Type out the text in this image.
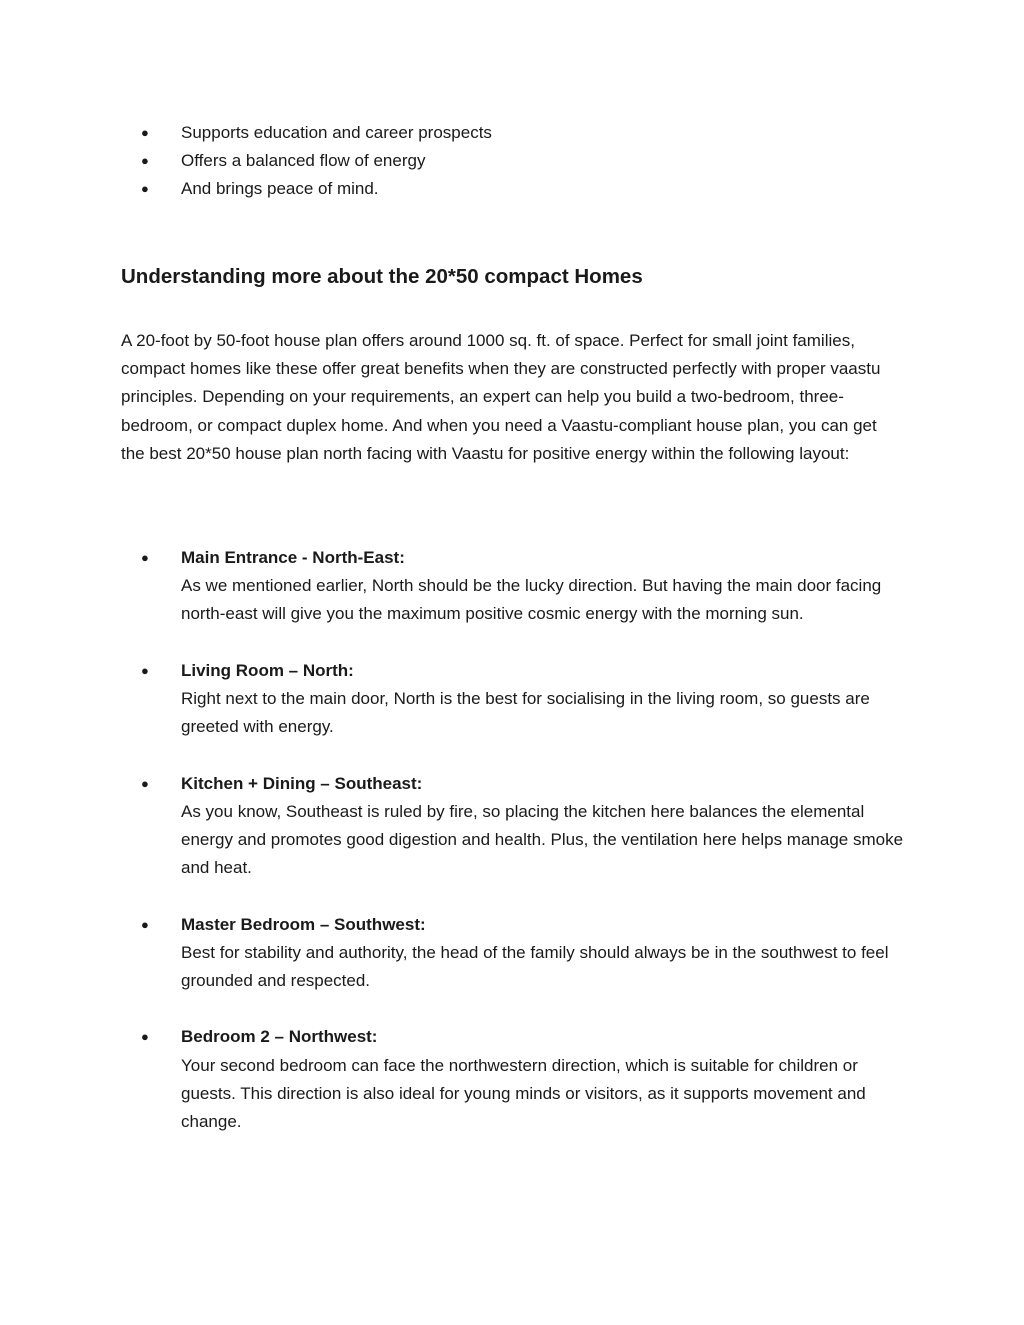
● Supports education and career prospects
● Offers a balanced flow of energy
● And brings peace of mind.
Understanding more about the 20*50 compact Homes

A 20-foot by 50-foot house plan offers around 1000 sq. ft. of space. Perfect for small joint families, compact homes like these offer great benefits when they are constructed perfectly with proper vaastu principles. Depending on your requirements, an expert can help you build a two-bedroom, three-bedroom, or compact duplex home. And when you need a Vaastu-compliant house plan, you can get the best 20*50 house plan north facing with Vaastu for positive energy within the following layout:

● Main Entrance - North-East:
As we mentioned earlier, North should be the lucky direction. But having the main door facing north-east will give you the maximum positive cosmic energy with the morning sun.
● Living Room – North:
Right next to the main door, North is the best for socialising in the living room, so guests are greeted with energy.
● Kitchen + Dining – Southeast:
As you know, Southeast is ruled by fire, so placing the kitchen here balances the elemental energy and promotes good digestion and health. Plus, the ventilation here helps manage smoke and heat.
● Master Bedroom – Southwest:
Best for stability and authority, the head of the family should always be in the southwest to feel grounded and respected.
● Bedroom 2 – Northwest:
Your second bedroom can face the northwestern direction, which is suitable for children or guests. This direction is also ideal for young minds or visitors, as it supports movement and change.
